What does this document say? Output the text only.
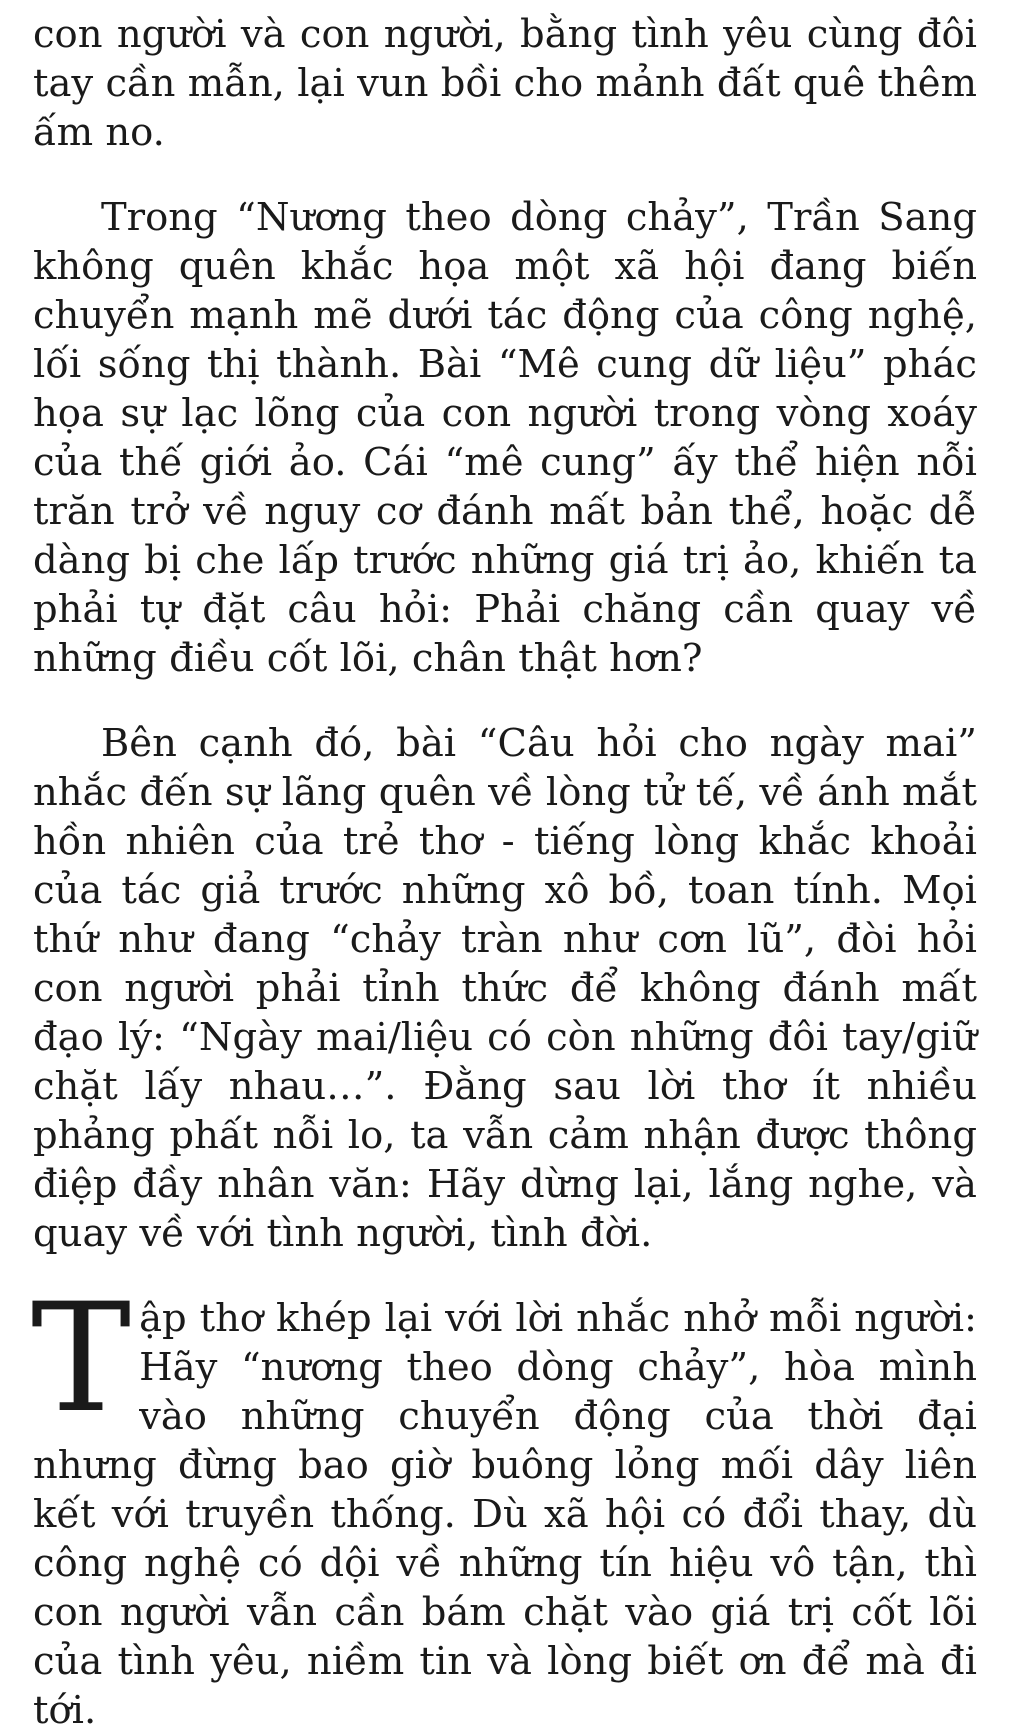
con người và con người, bằng tình yêu cùng đôi tay cần mẫn, lại vun bồi cho mảnh đất quê thêm ấm no.

Trong “Nương theo dòng chảy”, Trần Sang không quên khắc họa một xã hội đang biến chuyển mạnh mẽ dưới tác động của công nghệ, lối sống thị thành. Bài “Mê cung dữ liệu” phác họa sự lạc lõng của con người trong vòng xoáy của thế giới ảo. Cái “mê cung” ấy thể hiện nỗi trăn trở về nguy cơ đánh mất bản thể, hoặc dễ dàng bị che lấp trước những giá trị ảo, khiến ta phải tự đặt câu hỏi: Phải chăng cần quay về những điều cốt lõi, chân thật hơn?

Bên cạnh đó, bài “Câu hỏi cho ngày mai” nhắc đến sự lãng quên về lòng tử tế, về ánh mắt hồn nhiên của trẻ thơ - tiếng lòng khắc khoải của tác giả trước những xô bồ, toan tính. Mọi thứ như đang “chảy tràn như cơn lũ”, đòi hỏi con người phải tỉnh thức để không đánh mất đạo lý: “Ngày mai/liệu có còn những đôi tay/giữ chặt lấy nhau…”. Đằng sau lời thơ ít nhiều phảng phất nỗi lo, ta vẫn cảm nhận được thông điệp đầy nhân văn: Hãy dừng lại, lắng nghe, và quay về với tình người, tình đời.

Tập thơ khép lại với lời nhắc nhở mỗi người: Hãy “nương theo dòng chảy”, hòa mình vào những chuyển động của thời đại nhưng đừng bao giờ buông lỏng mối dây liên kết với truyền thống. Dù xã hội có đổi thay, dù công nghệ có dội về những tín hiệu vô tận, thì con người vẫn cần bám chặt vào giá trị cốt lõi của tình yêu, niềm tin và lòng biết ơn để mà đi tới.
